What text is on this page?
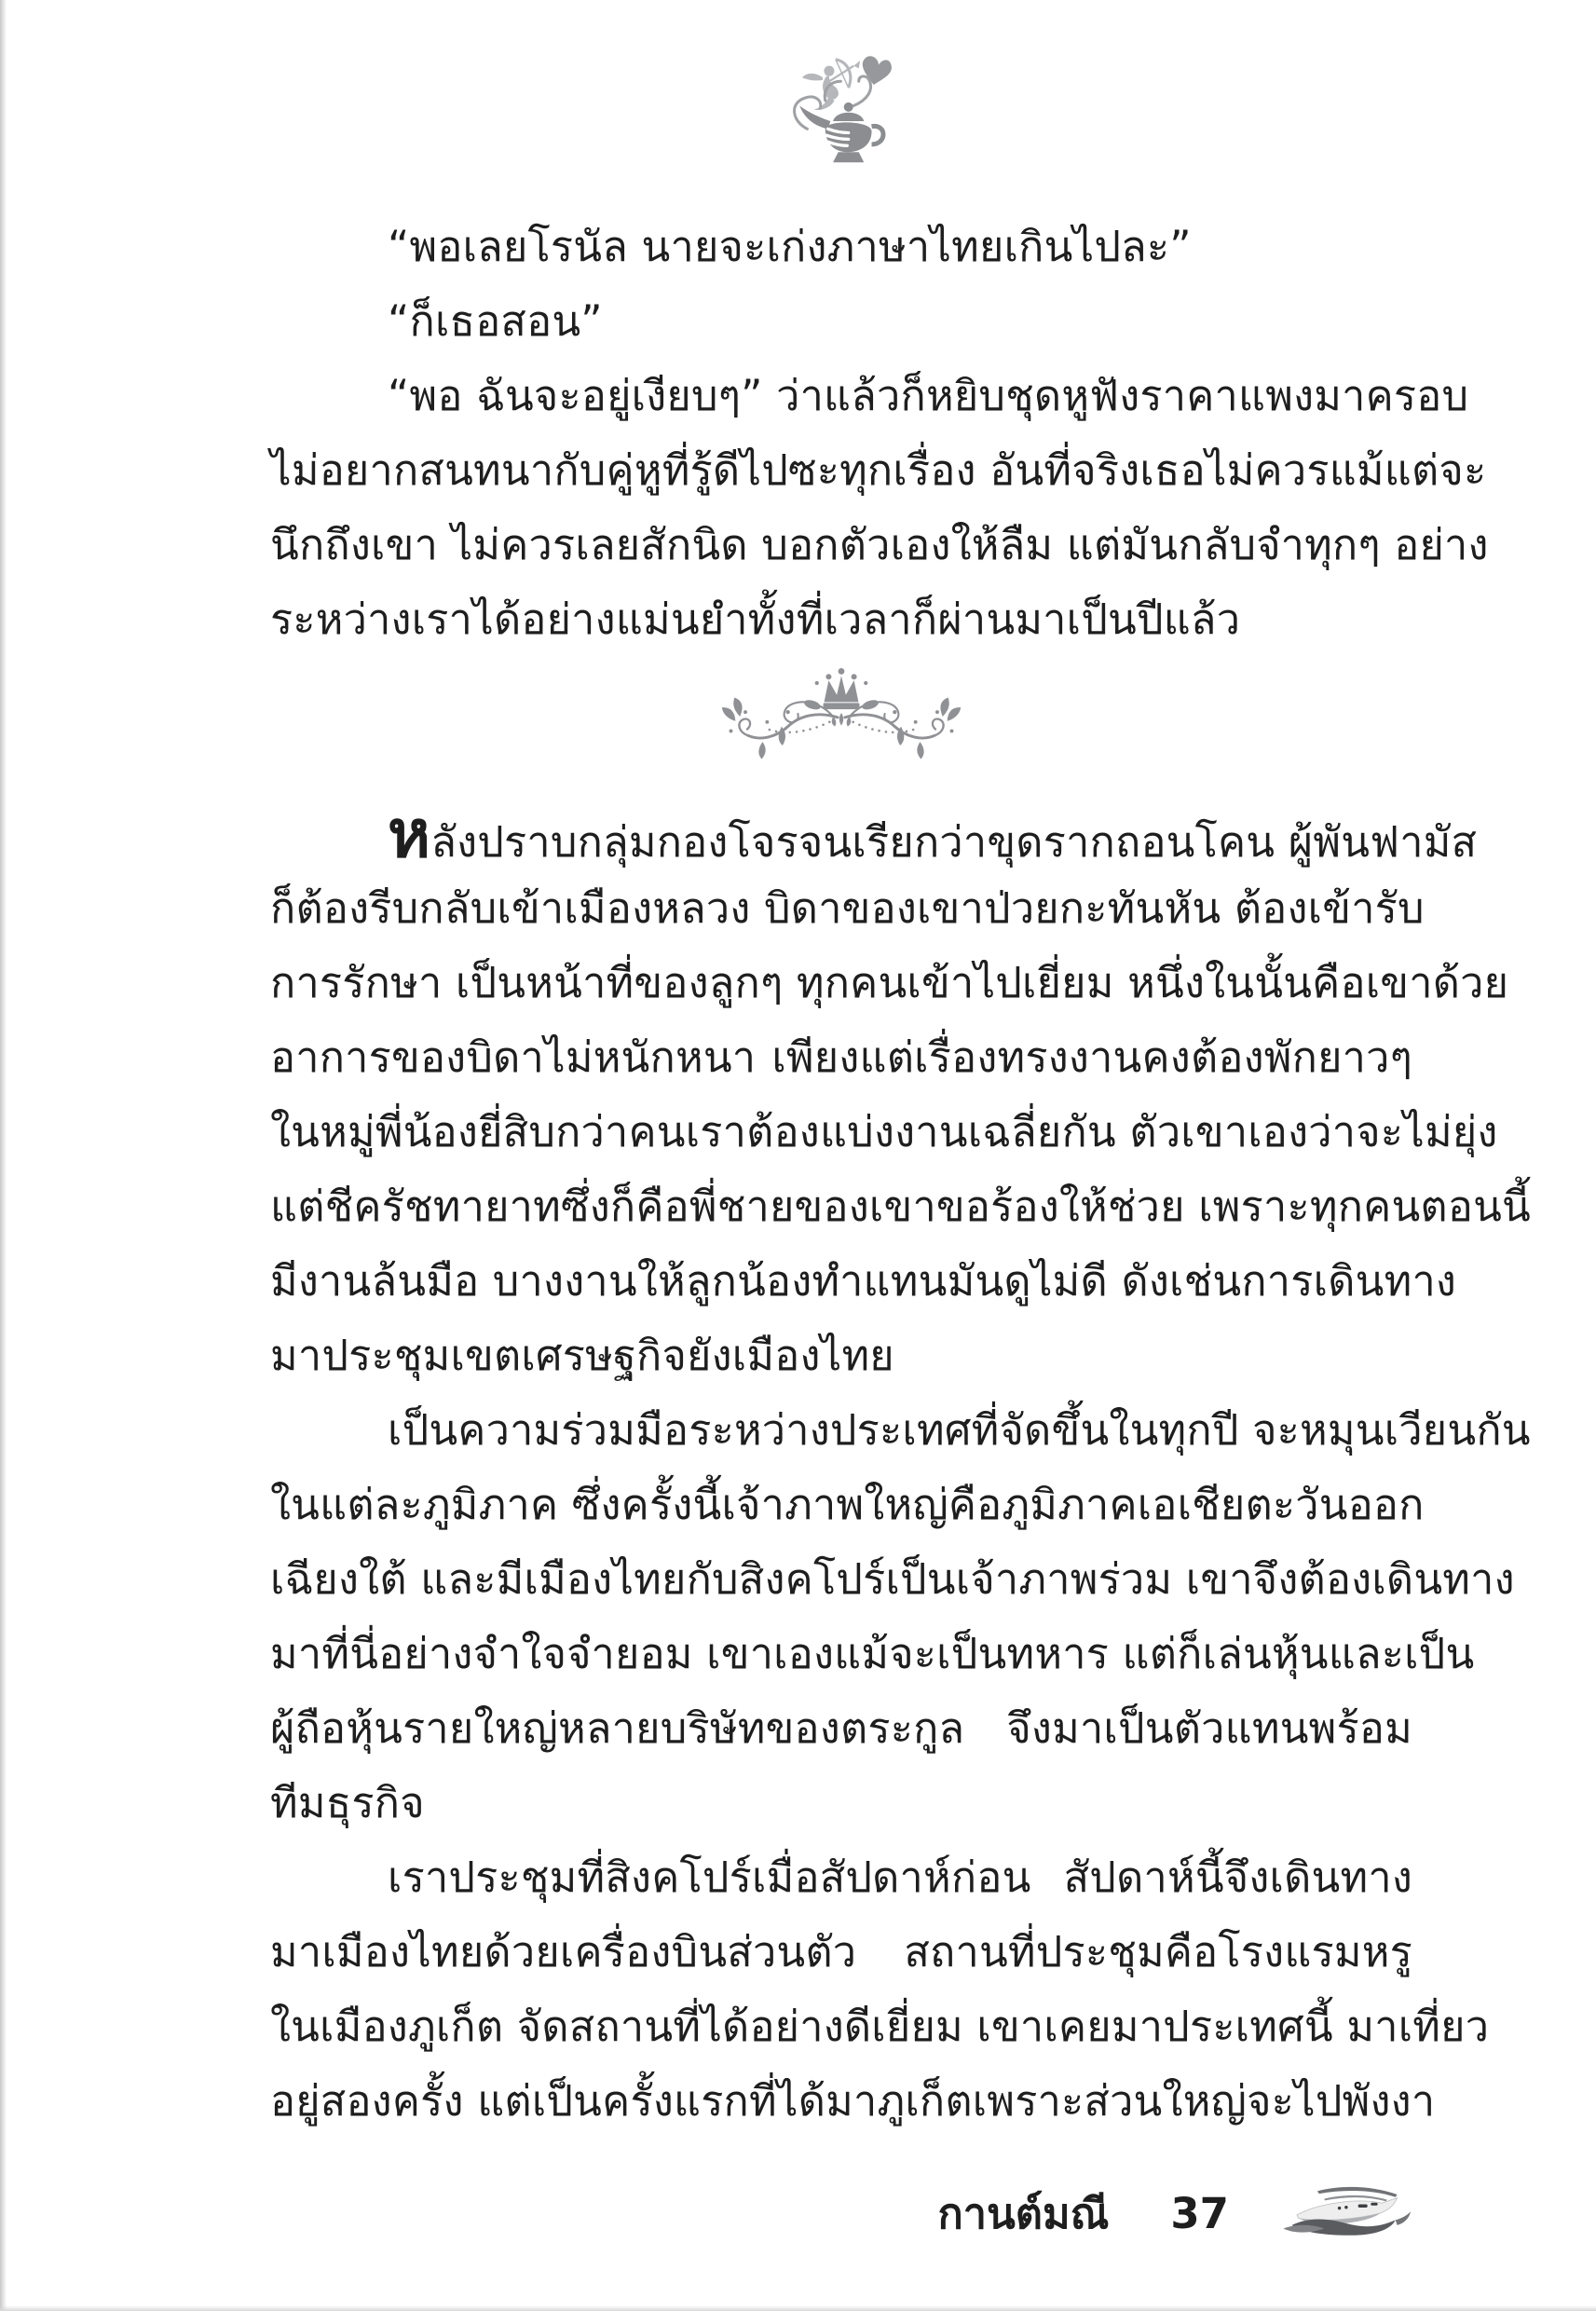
“พอเลยโรนัล นายจะเก่งภาษาไทยเกินไปละ”
“ก็เธอสอน”
“พอ ฉันจะอยู่เงียบๆ” ว่าแล้วก็หยิบชุดหูฟังราคาแพงมาครอบ
ไม่อยากสนทนากับคู่หูที่รู้ดีไปซะทุกเรื่อง อันที่จริงเธอไม่ควรแม้แต่จะ
นึกถึงเขา ไม่ควรเลยสักนิด บอกตัวเองให้ลืม แต่มันกลับจำทุกๆ อย่าง
ระหว่างเราได้อย่างแม่นยำทั้งที่เวลาก็ผ่านมาเป็นปีแล้ว
หลังปราบกลุ่มกองโจรจนเรียกว่าขุดรากถอนโคน ผู้พันฟามัส
ก็ต้องรีบกลับเข้าเมืองหลวง บิดาของเขาป่วยกะทันหัน ต้องเข้ารับ
การรักษา เป็นหน้าที่ของลูกๆ ทุกคนเข้าไปเยี่ยม หนึ่งในนั้นคือเขาด้วย
อาการของบิดาไม่หนักหนา เพียงแต่เรื่องทรงงานคงต้องพักยาวๆ
ในหมู่พี่น้องยี่สิบกว่าคนเราต้องแบ่งงานเฉลี่ยกัน ตัวเขาเองว่าจะไม่ยุ่ง
แต่ชีครัชทายาทซึ่งก็คือพี่ชายของเขาขอร้องให้ช่วย เพราะทุกคนตอนนี้
มีงานล้นมือ บางงานให้ลูกน้องทำแทนมันดูไม่ดี ดังเช่นการเดินทาง
มาประชุมเขตเศรษฐกิจยังเมืองไทย
เป็นความร่วมมือระหว่างประเทศที่จัดขึ้นในทุกปี จะหมุนเวียนกัน
ในแต่ละภูมิภาค ซึ่งครั้งนี้เจ้าภาพใหญ่คือภูมิภาคเอเชียตะวันออก
เฉียงใต้ และมีเมืองไทยกับสิงคโปร์เป็นเจ้าภาพร่วม เขาจึงต้องเดินทาง
มาที่นี่อย่างจำใจจำยอม เขาเองแม้จะเป็นทหาร แต่ก็เล่นหุ้นและเป็น
ผู้ถือหุ้นรายใหญ่หลายบริษัทของตระกูล จึงมาเป็นตัวแทนพร้อม
ทีมธุรกิจ
เราประชุมที่สิงคโปร์เมื่อสัปดาห์ก่อน สัปดาห์นี้จึงเดินทาง
มาเมืองไทยด้วยเครื่องบินส่วนตัว สถานที่ประชุมคือโรงแรมหรู
ในเมืองภูเก็ต จัดสถานที่ได้อย่างดีเยี่ยม เขาเคยมาประเทศนี้ มาเที่ยว
อยู่สองครั้ง แต่เป็นครั้งแรกที่ได้มาภูเก็ตเพราะส่วนใหญ่จะไปพังงา
กานต์มณี 37
